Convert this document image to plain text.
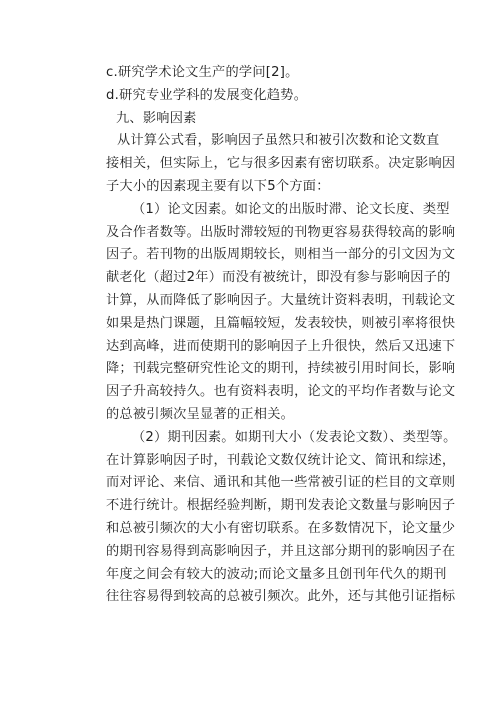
c.研究学术论文生产的学问[2]。
d.研究专业学科的发展变化趋势。
九、影响因素
从计算公式看，影响因子虽然只和被引次数和论文数直
接相关，但实际上，它与很多因素有密切联系。决定影响因
子大小的因素现主要有以下5个方面：
（1）论文因素。如论文的出版时滞、论文长度、类型
及合作者数等。出版时滞较短的刊物更容易获得较高的影响
因子。若刊物的出版周期较长，则相当一部分的引文因为文
献老化（超过2年）而没有被统计，即没有参与影响因子的
计算，从而降低了影响因子。大量统计资料表明，刊载论文
如果是热门课题，且篇幅较短，发表较快，则被引率将很快
达到高峰，进而使期刊的影响因子上升很快，然后又迅速下
降；刊载完整研究性论文的期刊，持续被引用时间长，影响
因子升高较持久。也有资料表明，论文的平均作者数与论文
的总被引频次呈显著的正相关。
（2）期刊因素。如期刊大小（发表论文数）、类型等。
在计算影响因子时，刊载论文数仅统计论文、简讯和综述，
而对评论、来信、通讯和其他一些常被引证的栏目的文章则
不进行统计。根据经验判断，期刊发表论文数量与影响因子
和总被引频次的大小有密切联系。在多数情况下，论文量少
的期刊容易得到高影响因子，并且这部分期刊的影响因子在
年度之间会有较大的波动;而论文量多且创刊年代久的期刊
往往容易得到较高的总被引频次。此外，还与其他引证指标
